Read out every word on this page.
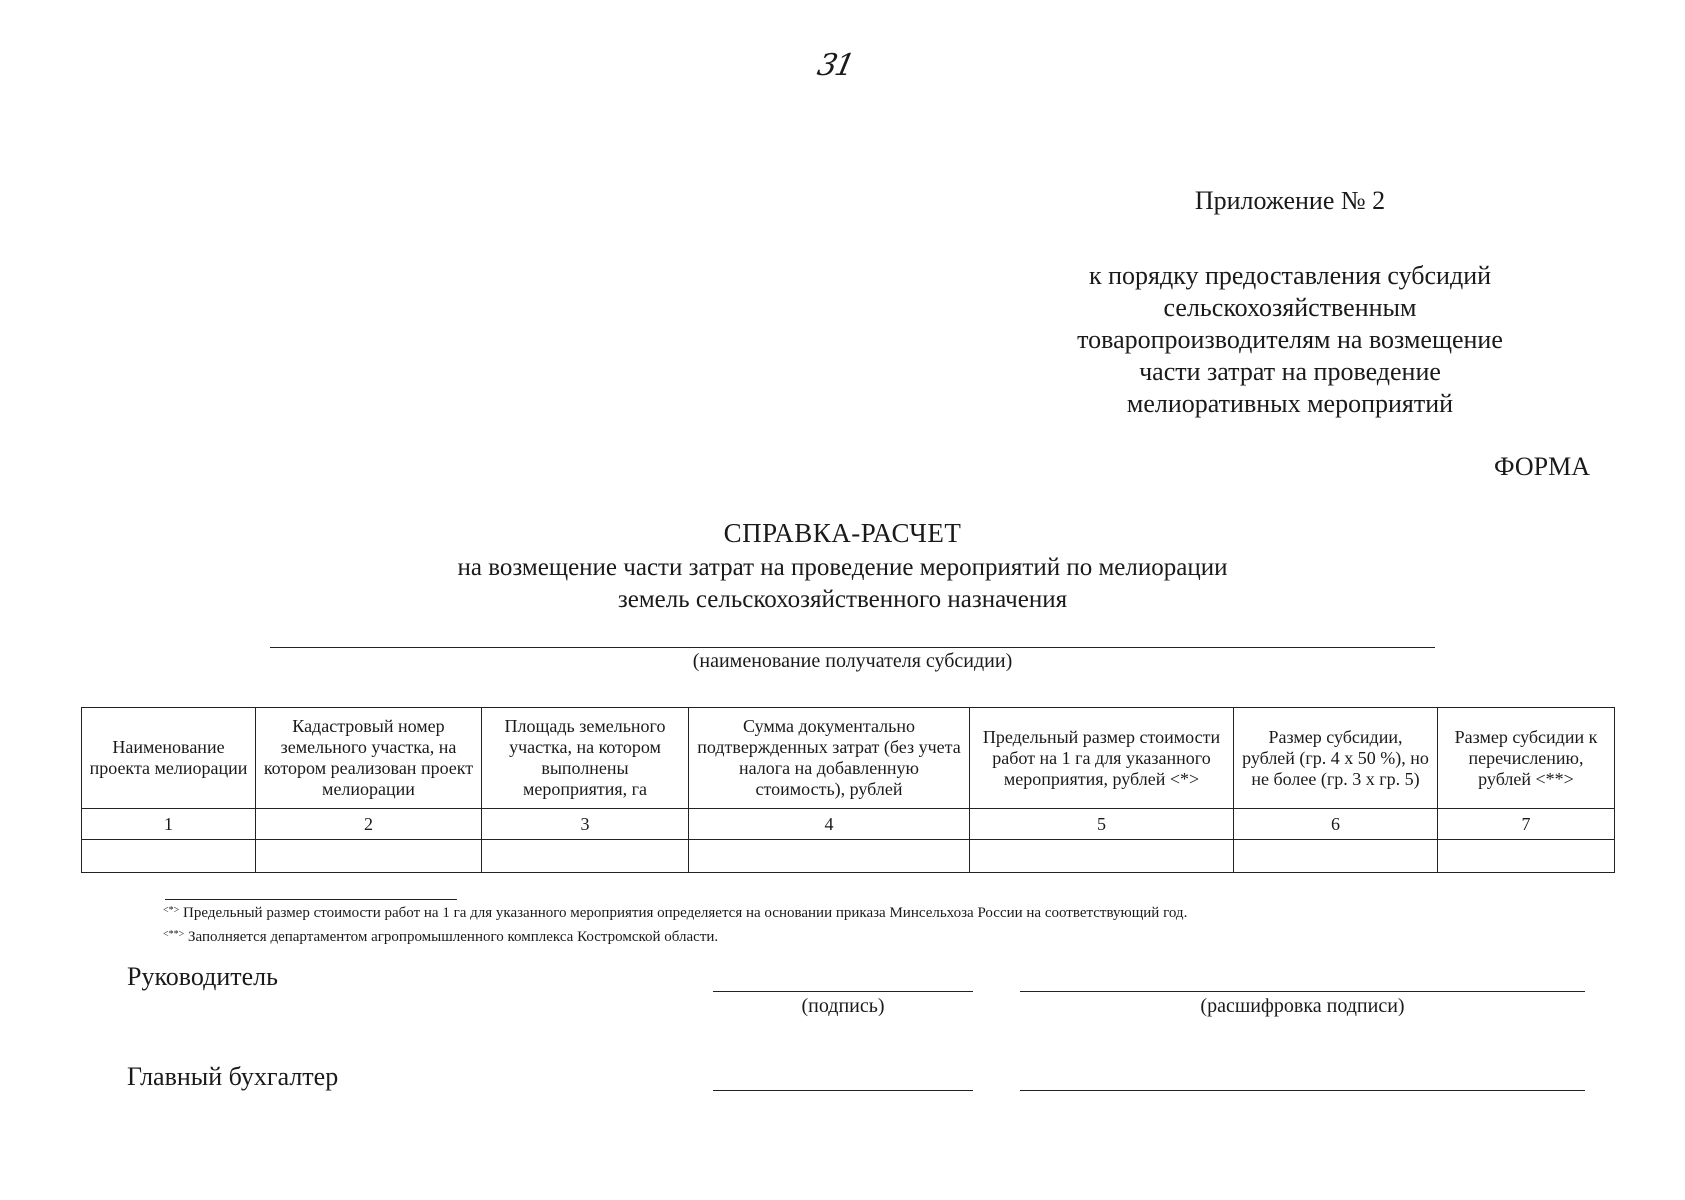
31
Приложение № 2
к порядку предоставления субсидий
сельскохозяйственным
товаропроизводителям на возмещение
части затрат на проведение
мелиоративных мероприятий
ФОРМА
СПРАВКА-РАСЧЕТ
на возмещение части затрат на проведение мероприятий по мелиорации
земель сельскохозяйственного назначения
(наименование получателя субсидии)
Наименование проекта мелиорации	Кадастровый номер земельного участка, на котором реализован проект мелиорации	Площадь земельного участка, на котором выполнены мероприятия, га	Сумма документально подтвержденных затрат (без учета налога на добавленную стоимость), рублей	Предельный размер стоимости работ на 1 га для указанного мероприятия, рублей <*>	Размер субсидии, рублей (гр. 4 х 50 %), но не более (гр. 3 х гр. 5)	Размер субсидии к перечислению, рублей <**>
1	2	3	4	5	6	7

<*> Предельный размер стоимости работ на 1 га для указанного мероприятия определяется на основании приказа Минсельхоза России на соответствующий год.
<**> Заполняется департаментом агропромышленного комплекса Костромской области.
Руководитель
(подпись)	(расшифровка подписи)
Главный бухгалтер
